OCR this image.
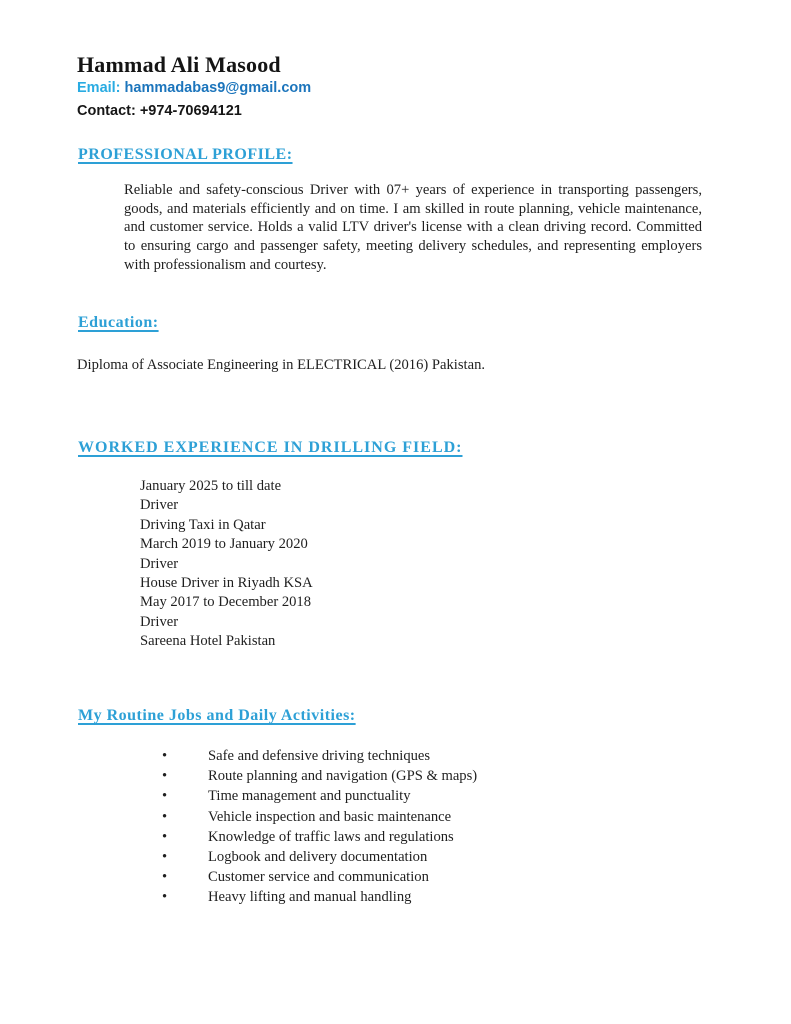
Hammad Ali Masood
Email: hammadabas9@gmail.com
Contact: +974-70694121
PROFESSIONAL PROFILE:
Reliable and safety-conscious Driver with 07+ years of experience in transporting passengers, goods, and materials efficiently and on time. I am skilled in route planning, vehicle maintenance, and customer service. Holds a valid LTV driver's license with a clean driving record. Committed to ensuring cargo and passenger safety, meeting delivery schedules, and representing employers with professionalism and courtesy.
Education:
Diploma of Associate Engineering in ELECTRICAL (2016) Pakistan.
WORKED EXPERIENCE IN DRILLING FIELD:
January 2025 to till date
Driver
Driving Taxi in Qatar
March 2019 to January 2020
Driver
House Driver in Riyadh KSA
May 2017 to December 2018
Driver
Sareena Hotel Pakistan
My Routine Jobs and Daily Activities:
•	Safe and defensive driving techniques
•	Route planning and navigation (GPS & maps)
•	Time management and punctuality
•	Vehicle inspection and basic maintenance
•	Knowledge of traffic laws and regulations
•	Logbook and delivery documentation
•	Customer service and communication
•	Heavy lifting and manual handling
